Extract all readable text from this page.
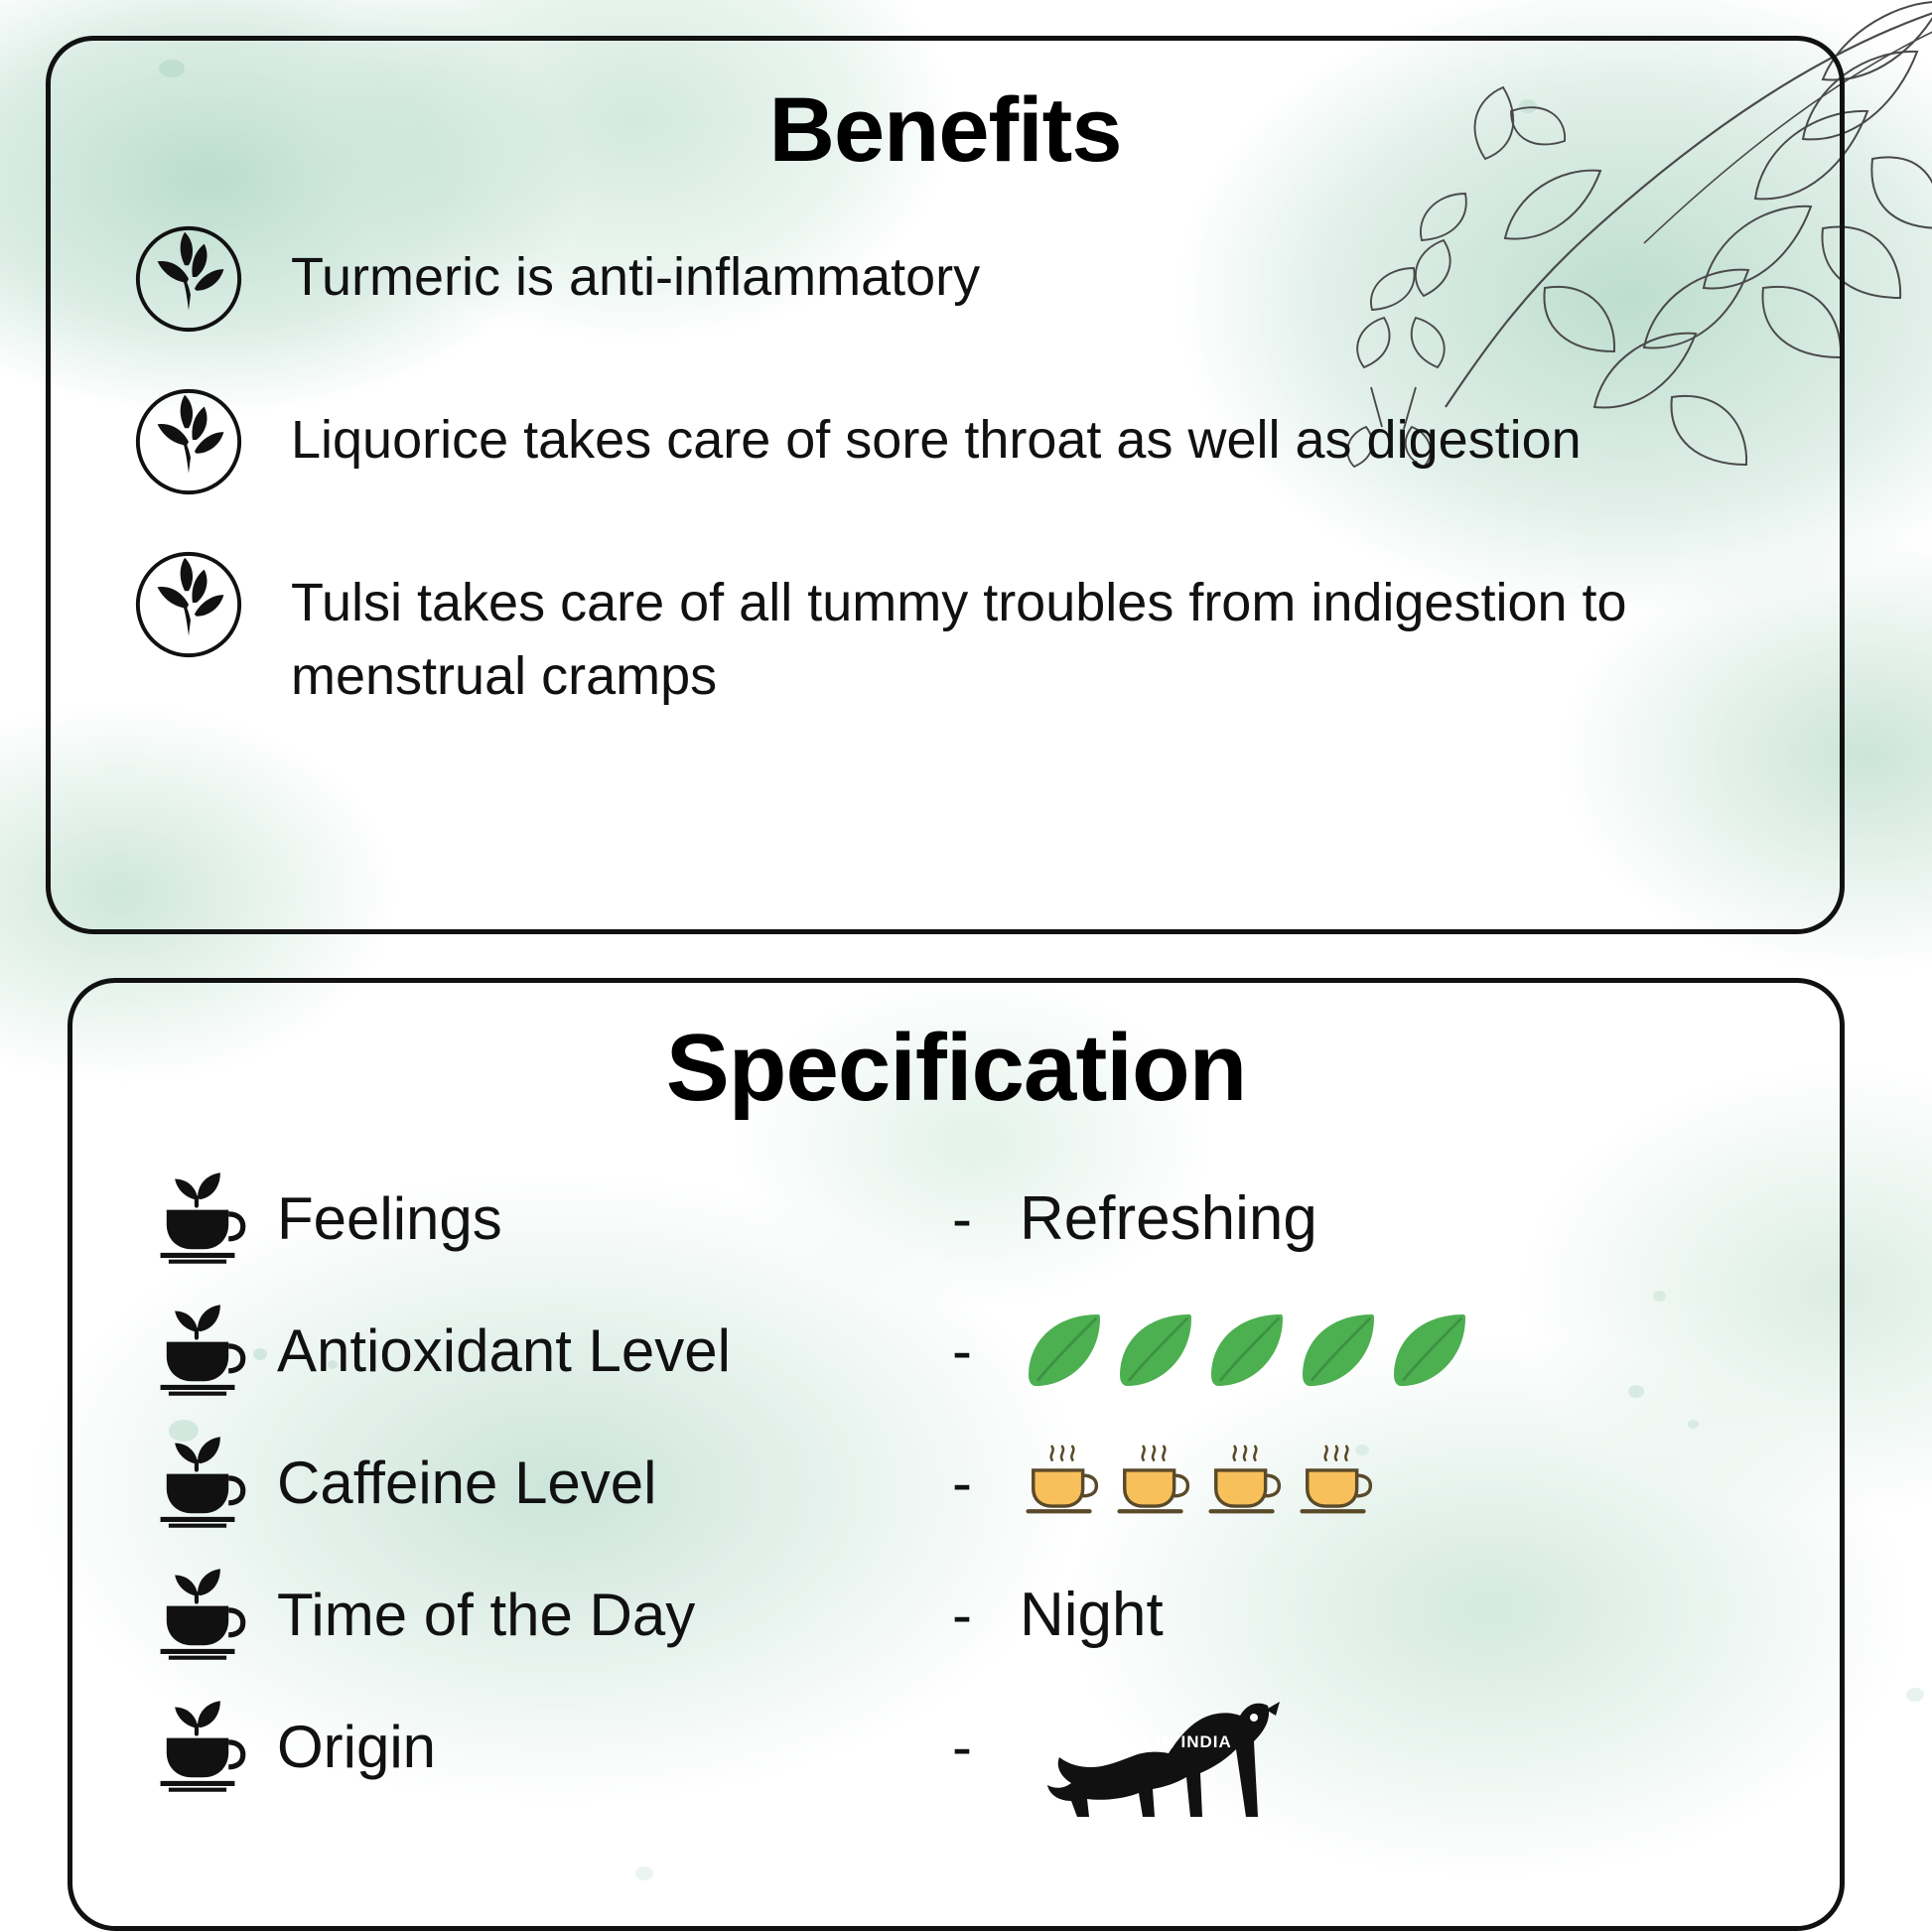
Benefits
Turmeric is anti-inflammatory
Liquorice takes care of sore throat as well as digestion
Tulsi takes care of all tummy troubles from indigestion to menstrual cramps
Specification
Feelings	- Refreshing
Antioxidant Level	-
Caffeine Level	-
Time of the Day	- Night
Origin	-	MAKE IN INDIA
